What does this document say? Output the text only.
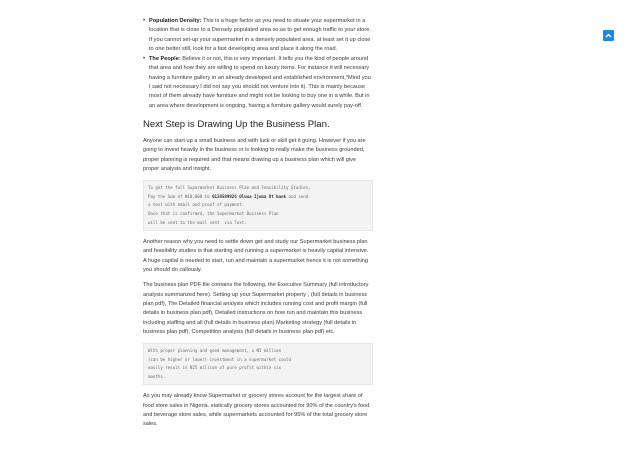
• Population Density: This is a huge factor as you need to situate your supermarket in a location that is close to a Densely populated area so as to get enough traffic to your store. If you cannot set-up your supermarket in a densely populated area, at least set it up close to one better still, look for a fast developing area and place it along the road.
• The People: Believe it or not, this is very important. It tells you the kind of people around that area and how they are willing to spend on luxury items. For instance it will necessary having a furniture gallery in an already developed and established environment,*Mind you I said not necessary I did not say you should not venture into it). This is mainly because most of them already have furniture and might not be looking to buy one in a while. But in an area where development is ongoing, having a furniture gallery would surely pay-off.
Next Step is Drawing Up the Business Plan.

Anyone can start up a small business and with luck or skill get it going. However if you are going to invest heavily in the business or is looking to really make the business grounded, proper planning is required and that means drawing up a business plan which will give proper analysis and insight.

To get the full Supermarket Business Plan and Feasibility Studies,
Pay the Sum of N10,000 to 0138589926 Oluwa Ijoma Ot bank and send
a text with email and proof of payment.
Once that is confirmed, the Supermarket Business Plan
will be sent to the mail sent  via Text.

Another reason why you need to settle down get and study our Supermarket business plan and feasibility studies is that starting and running a supermarket is heavily capital intensive. A huge capital is needed to start, run and maintain a supermarket hence it is not something you should do callously.

The business plan PDF file contains the following, the Executive Summary (full introductory analysis summarized here). Setting up your Supermarket property , (full details in business plan pdf), The Detailed financial analysis which includes running cost and profit margin (full details in business plan pdf), Detailed instructions on how run and maintain this business including staffing and all (full details in business plan) Marketing strategy (full details in business plan pdf), Competition analysis (full details in business plan pdf) etc.

With proper planning and good management, a N5 million
(can be higher or lower) investment in a supermarket could
easily result in N25 million of pure profit within six
months.

As you may already know Supermarket or grocery stores account for the largest share of food store sales in Nigeria. statically grocery stores accounted for 90% of the country's food and beverage store sales, while supermarkets accounted for 95% of the total grocery store sales.
